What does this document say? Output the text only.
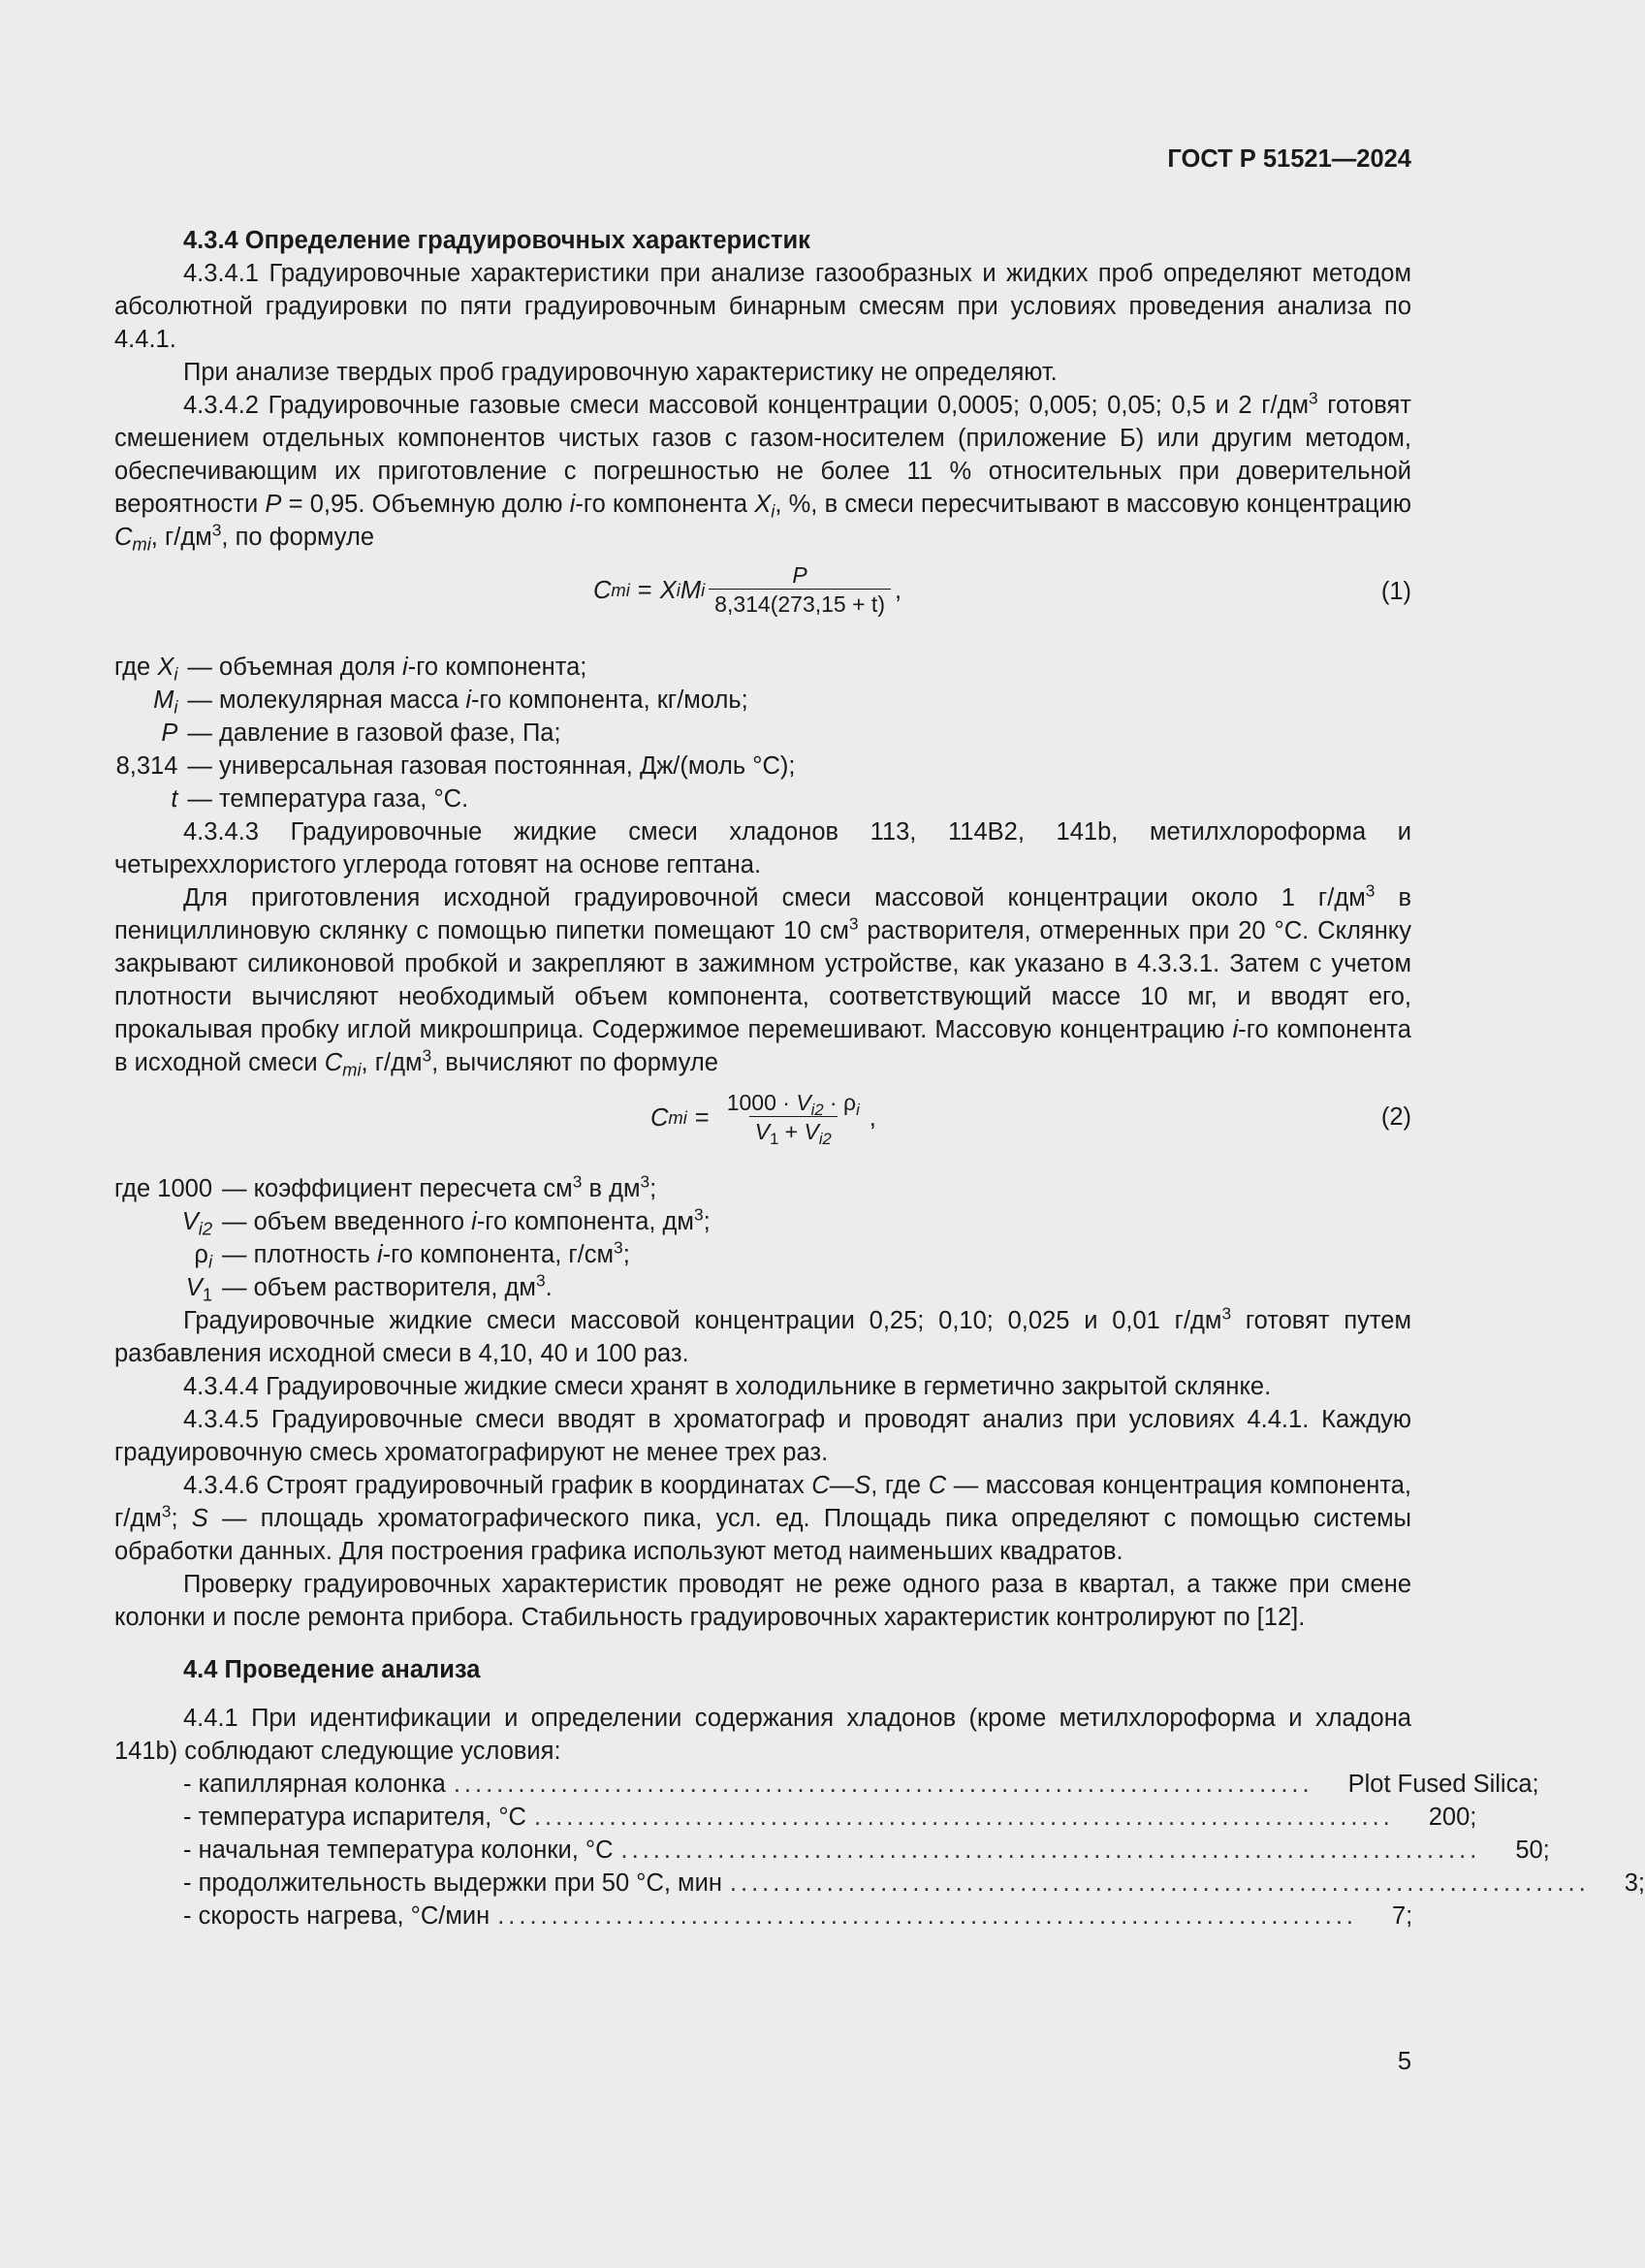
ГОСТ Р 51521—2024

4.3.4 Определение градуировочных характеристик

4.3.4.1 Градуировочные характеристики при анализе газообразных и жидких проб определяют методом абсолютной градуировки по пяти градуировочным бинарным смесям при условиях проведения анализа по 4.4.1.

При анализе твердых проб градуировочную характеристику не определяют.

4.3.4.2 Градуировочные газовые смеси массовой концентрации 0,0005; 0,005; 0,05; 0,5 и 2 $г/дм^3$ готовят смешением отдельных компонентов чистых газов с газом-носителем (приложение Б) или другим методом, обеспечивающим их приготовление с погрешностью не более 11 % относительных при доверительной вероятности P = 0,95. Объемную долю i-го компонента $X_i$, %, в смеси пересчитывают в массовую концентрацию $C_{mi}$, $г/дм^3$, по формуле

C mi = X i M i $\frac{P}{8,314(273,15 + t)}$ ,	(1)
где $X_i$ — объемная доля i-го компонента;
$M_i$ — молекулярная масса i-го компонента, кг/моль;
P — давление в газовой фазе, Па;
8,314 — универсальная газовая постоянная, Дж/(моль °С);
t — температура газа, °С.

4.3.4.3 Градуировочные жидкие смеси хладонов 113, 114В2, 141b, метилхлороформа и четыреххлористого углерода готовят на основе гептана.

Для приготовления исходной градуировочной смеси массовой концентрации около 1 $г/дм^3$ в пенициллиновую склянку с помощью пипетки помещают 10 $см^3$ растворителя, отмеренных при 20 °С. Склянку закрывают силиконовой пробкой и закрепляют в зажимном устройстве, как указано в 4.3.3.1. Затем с учетом плотности вычисляют необходимый объем компонента, соответствующий массе 10 мг, и вводят его, прокалывая пробку иглой микрошприца. Содержимое перемешивают. Массовую концентрацию i-го компонента в исходной смеси $C_{mi}$, $г/дм^3$, вычисляют по формуле

C mi = $\frac{1000 \cdot V_{i2} \cdot \rho_i}{V_1 + V_{i2}}$ ,	(2)
где 1000 — коэффициент пересчета $см^3$ в $дм^3$;
$V_{i2}$ — объем введенного i-го компонента, $дм^3$;
$\rho_i$ — плотность i-го компонента, $г/см^3$;
$V_1$ — объем растворителя, $дм^3$.

Градуировочные жидкие смеси массовой концентрации 0,25; 0,10; 0,025 и 0,01 $г/дм^3$ готовят путем разбавления исходной смеси в 4,10, 40 и 100 раз.

4.3.4.4 Градуировочные жидкие смеси хранят в холодильнике в герметично закрытой склянке.

4.3.4.5 Градуировочные смеси вводят в хроматограф и проводят анализ при условиях 4.4.1. Каждую градуировочную смесь хроматографируют не менее трех раз.

4.3.4.6 Строят градуировочный график в координатах C—S, где C — массовая концентрация компонента, $г/дм^3$; S — площадь хроматографического пика, усл. ед. Площадь пика определяют с помощью системы обработки данных. Для построения графика используют метод наименьших квадратов.

Проверку градуировочных характеристик проводят не реже одного раза в квартал, а также при смене колонки и после ремонта прибора. Стабильность градуировочных характеристик контролируют по [12].

4.4 Проведение анализа

4.4.1 При идентификации и определении содержания хладонов (кроме метилхлороформа и хладона 141b) соблюдают следующие условия:

- капиллярная колонка ................................................................................	Plot Fused Silica;
- температура испарителя, °С ................................................................................	200;
- начальная температура колонки, °С ................................................................................	50;
- продолжительность выдержки при 50 °С, мин ................................................................................	3;
- скорость нагрева, °С/мин ................................................................................	7;
5
